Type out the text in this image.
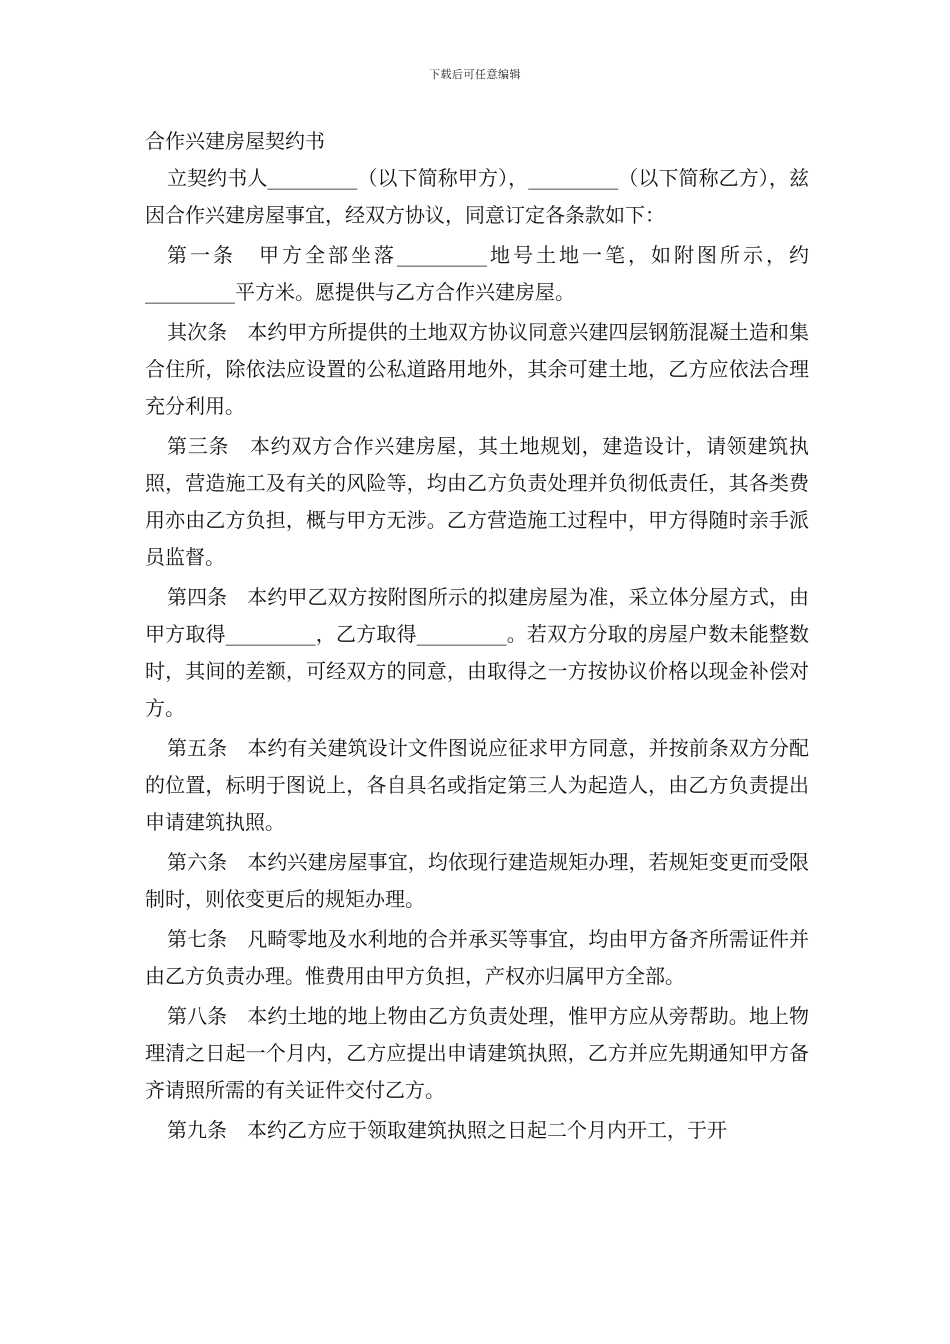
下载后可任意编辑
合作兴建房屋契约书

立契约书人_________（以下简称甲方），_________（以下简称乙方），兹因合作兴建房屋事宜，经双方协议，同意订定各条款如下：

第一条　甲方全部坐落_________地号土地一笔，如附图所示，约_________平方米。愿提供与乙方合作兴建房屋。

其次条　本约甲方所提供的土地双方协议同意兴建四层钢筋混凝土造和集合住所，除依法应设置的公私道路用地外，其余可建土地，乙方应依法合理充分利用。

第三条　本约双方合作兴建房屋，其土地规划，建造设计，请领建筑执照，营造施工及有关的风险等，均由乙方负责处理并负彻低责任，其各类费用亦由乙方负担，概与甲方无涉。乙方营造施工过程中，甲方得随时亲手派员监督。

第四条　本约甲乙双方按附图所示的拟建房屋为准，采立体分屋方式，由甲方取得_________，乙方取得_________。若双方分取的房屋户数未能整数时，其间的差额，可经双方的同意，由取得之一方按协议价格以现金补偿对方。

第五条　本约有关建筑设计文件图说应征求甲方同意，并按前条双方分配的位置，标明于图说上，各自具名或指定第三人为起造人，由乙方负责提出申请建筑执照。

第六条　本约兴建房屋事宜，均依现行建造规矩办理，若规矩变更而受限制时，则依变更后的规矩办理。

第七条　凡畸零地及水利地的合并承买等事宜，均由甲方备齐所需证件并由乙方负责办理。惟费用由甲方负担，产权亦归属甲方全部。

第八条　本约土地的地上物由乙方负责处理，惟甲方应从旁帮助。地上物理清之日起一个月内，乙方应提出申请建筑执照，乙方并应先期通知甲方备齐请照所需的有关证件交付乙方。

第九条　本约乙方应于领取建筑执照之日起二个月内开工，于开
